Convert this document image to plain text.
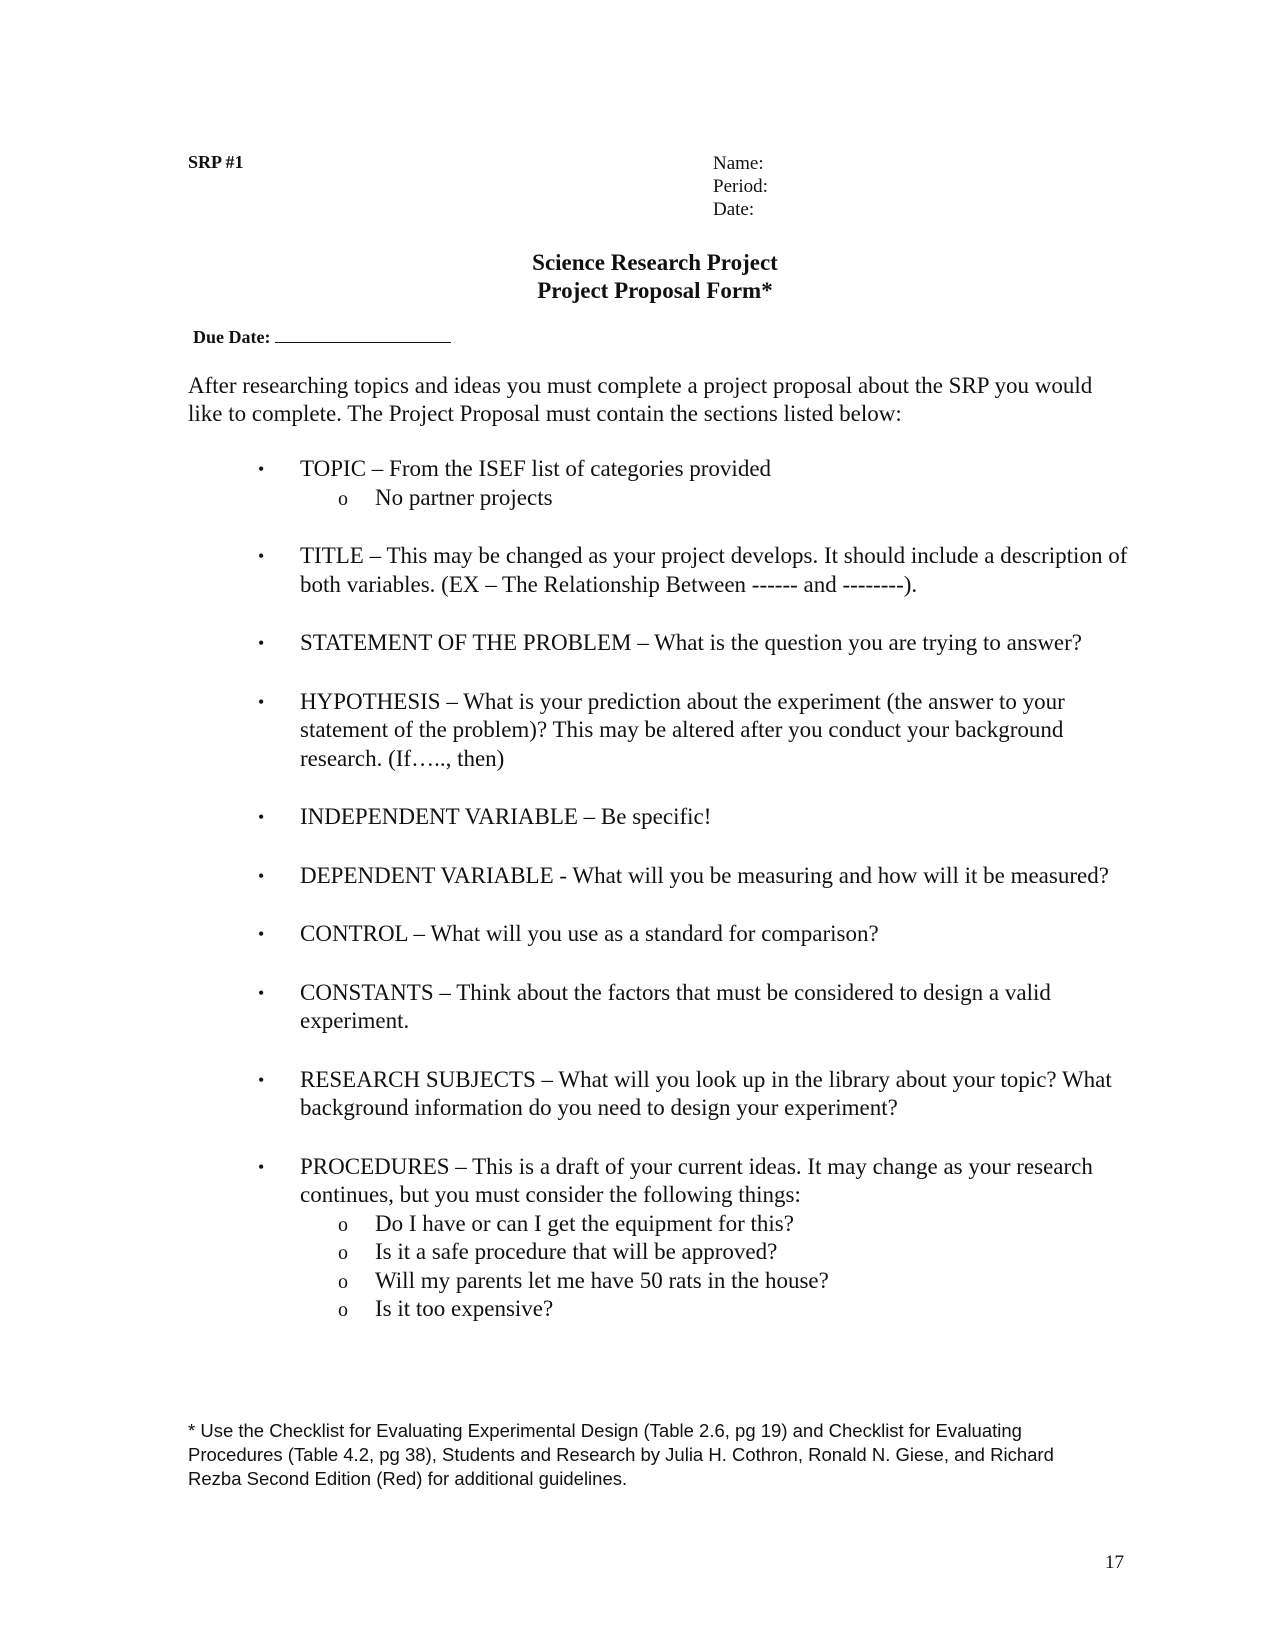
SRP #1	Name:
Period:
Date:
Science Research Project
Project Proposal Form*
Due Date:
After researching topics and ideas you must complete a project proposal about the SRP you would like to complete. The Project Proposal must contain the sections listed below:
• TOPIC – From the ISEF list of categories provided
o No partner projects
• TITLE – This may be changed as your project develops. It should include a description of both variables. (EX – The Relationship Between ------ and --------).
• STATEMENT OF THE PROBLEM – What is the question you are trying to answer?
• HYPOTHESIS – What is your prediction about the experiment (the answer to your statement of the problem)? This may be altered after you conduct your background research. (If….., then)
• INDEPENDENT VARIABLE – Be specific!
• DEPENDENT VARIABLE - What will you be measuring and how will it be measured?
• CONTROL – What will you use as a standard for comparison?
• CONSTANTS – Think about the factors that must be considered to design a valid experiment.
• RESEARCH SUBJECTS – What will you look up in the library about your topic? What background information do you need to design your experiment?
• PROCEDURES – This is a draft of your current ideas. It may change as your research continues, but you must consider the following things:
o Do I have or can I get the equipment for this?
o Is it a safe procedure that will be approved?
o Will my parents let me have 50 rats in the house?
o Is it too expensive?
* Use the Checklist for Evaluating Experimental Design (Table 2.6, pg 19) and Checklist for Evaluating Procedures (Table 4.2, pg 38), Students and Research by Julia H. Cothron, Ronald N. Giese, and Richard Rezba Second Edition (Red) for additional guidelines.
17
